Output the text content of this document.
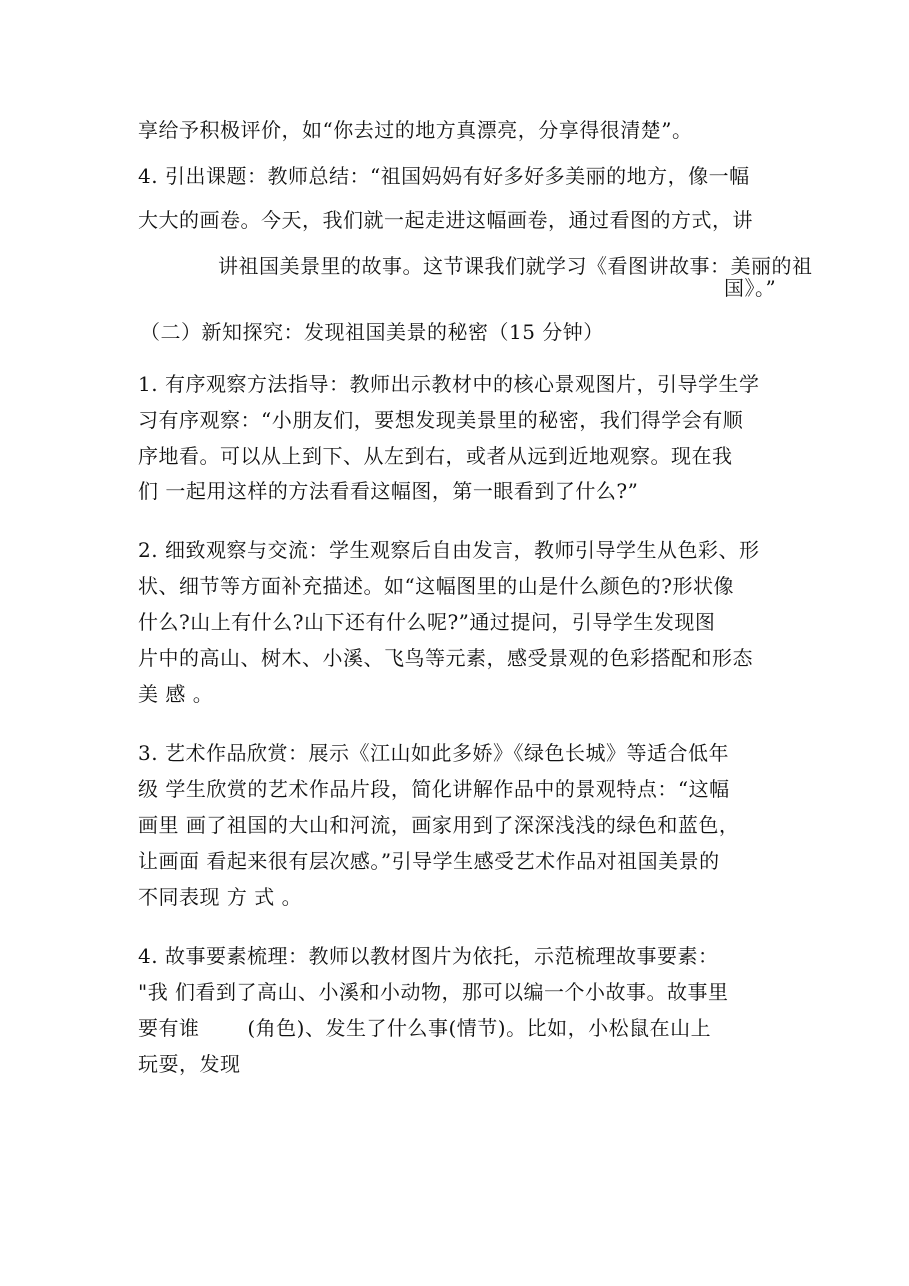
享给予积极评价，如“你去过的地方真漂亮，分享得很清楚”。
4. 引出课题：教师总结：“祖国妈妈有好多好多美丽的地方，像一幅
大大的画卷。今天，我们就一起走进这幅画卷，通过看图的方式，讲
讲祖国美景里的故事。这节课我们就学习《看图讲故事：美丽的祖
国》。”
（二）新知探究：发现祖国美景的秘密（15 分钟）
1. 有序观察方法指导：教师出示教材中的核心景观图片，引导学生学
习有序观察：“小朋友们，要想发现美景里的秘密，我们得学会有顺
序地看。可以从上到下、从左到右，或者从远到近地观察。现在我
们 一起用这样的方法看看这幅图，第一眼看到了什么?”
2. 细致观察与交流：学生观察后自由发言，教师引导学生从色彩、形
状、细节等方面补充描述。如“这幅图里的山是什么颜色的?形状像
什么?山上有什么?山下还有什么呢?”通过提问，引导学生发现图
片中的高山、树木、小溪、飞鸟等元素，感受景观的色彩搭配和形态
美 感 。
3. 艺术作品欣赏：展示《江山如此多娇》《绿色长城》等适合低年
级 学生欣赏的艺术作品片段，简化讲解作品中的景观特点：“这幅
画里 画了祖国的大山和河流，画家用到了深深浅浅的绿色和蓝色，
让画面 看起来很有层次感。”引导学生感受艺术作品对祖国美景的
不同表现 方 式 。
4. 故事要素梳理：教师以教材图片为依托，示范梳理故事要素：
"我 们看到了高山、小溪和小动物，那可以编一个小故事。故事里
要有谁 　　(角色)、发生了什么事(情节)。比如，小松鼠在山上
玩耍，发现
